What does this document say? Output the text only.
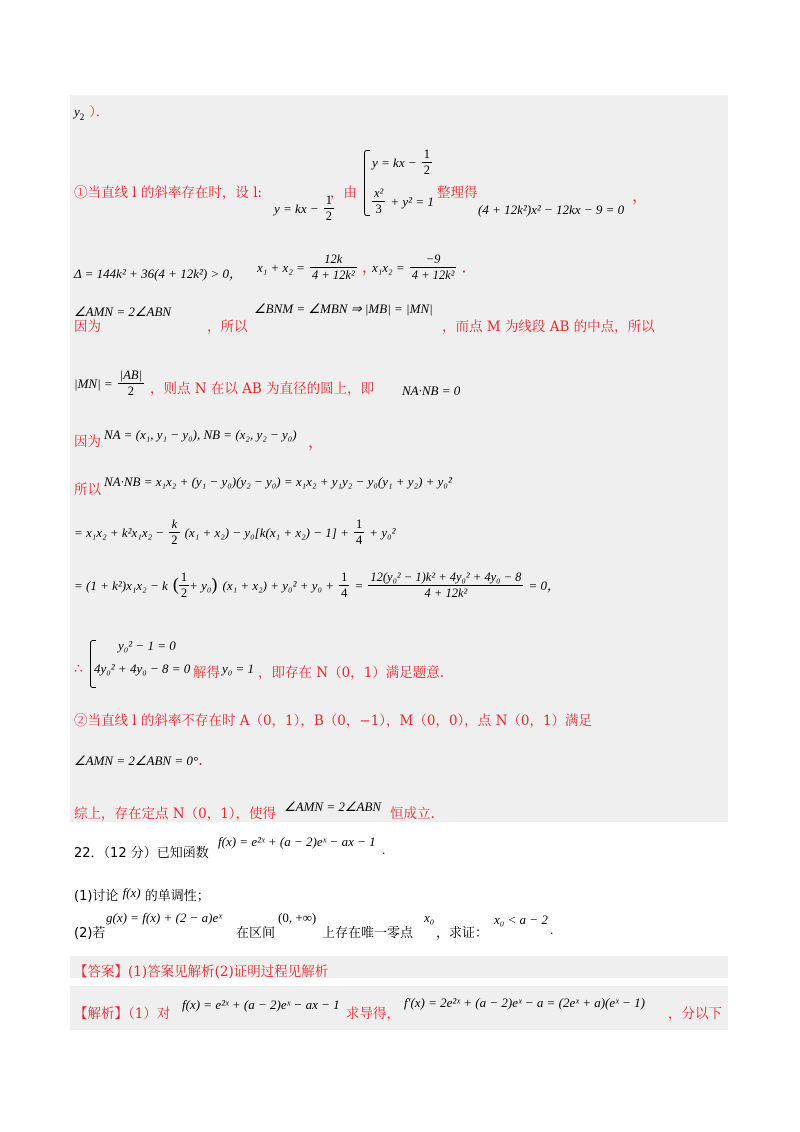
$y_2$ ）．
①当直线 l 的斜率存在时，设 l:
y = kx − $\frac{1}{2}$
，由
y = kx − $\frac{1}{2}$
$\frac{\text{x²}}{3} + y^2 = 1$
整理得
(4 + 12k²)x² − 12kx − 9 = 0
，
Δ = 144k² + 36(4 + 12k²) > 0， $x_1 + x_2 = \frac{12k}{\text{4 + 12k²}}$ ，
$x_1x_2 = \frac{-9}{\text{4 + 12k²}}$ ．
∠AMN = 2∠ABN
因为	，所以
∠BNM = ∠MBN ⇒ |MB| = |MN|
，而点 M 为线段 AB 的中点，所以
$|MN| = \frac{|AB|}{2}$ ，则点 N 在以 AB 为直径的圆上，即 NA·NB = 0
因为 NA = (x₁, y₁ − y₀), NB = (x₂, y₂ − y₀) ，
所以
NA·NB = x₁x₂ + (y₁ − y₀)(y₂ − y₀) = x₁x₂ + y₁y₂ − y₀(y₁ + y₂) + y₀²
= $x_1x_2 + k^2x_1x_2 - \frac{k}{2} (x_1 + x_2) - y_0[k(x_1 + x_2) - 1] + \frac{1}{4} + y_0^2$
= (1 + k²)x₁x₂ − k ( $\frac{1}{2} + y_0$) $(x_1 + x_2) + y_0^2 + y_0 + \frac{1}{4} = \frac{\text{12(y₀² − 1)k² + 4y₀² + 4y₀ − 8}}{\text{4 + 12k²}} = 0$，
y₀² − 1 = 0
∴ 4y₀² + 4y₀ − 8 = 0 解得 y₀ = 1 ，即存在 N（0，1）满足题意.
②当直线 l 的斜率不存在时 A（0，1），B（0，−1），M（0，0），点 N（0，1）满足
∠AMN = 2∠ABN = 0°.
综上，存在定点 N（0，1），使得 ∠AMN = 2∠ABN 恒成立.
22．（12 分）已知函数
f(x) = e²ˣ + (a − 2)eˣ − ax − 1
.
(1)讨论 f(x) 的单调性；
(2)若
g(x) = f(x) + (2 − a)eˣ
在区间
(0, +∞)
上存在唯一零点
x₀
，求证：
x₀ < a − 2
.
【答案】(1)答案见解析(2)证明过程见解析
【解析】（1）对
f(x) = e²ˣ + (a − 2)eˣ − ax − 1
求导得，
f′(x) = 2e²ˣ + (a − 2)eˣ − a = (2eˣ + a)(eˣ − 1)
，分以下
